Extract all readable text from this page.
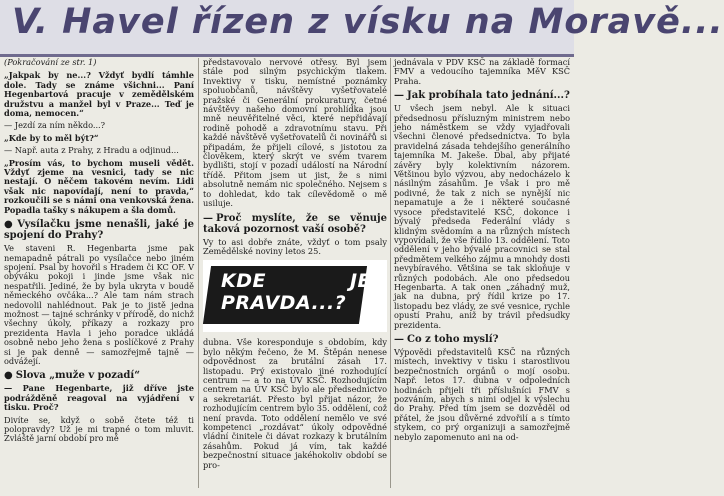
V. Havel řízen z vísku na Moravě...

(Pokračování ze str. 1)

„Jakpak by ne...? Vždyť bydlí támhle dole. Tady se známe všichni... Paní Hegenbartová pracuje v zemědělském družstvu a manžel byl v Praze... Teď je doma, nemocen.“

— Jezdí za ním někdo...?

„Kde by to měl být?“

— Např. auta z Prahy, z Hradu a odjinud...

„Prosím vás, to bychom museli vědět. Vždyť zjeme na vesnici, tady se nic nestají. O něčem takovém nevím. Lidi však nic napovídají, není to pravda,“ rozkoučili se s námi ona venkovská žena. Popadla tašky s nákupem a šla domů.

● Vysílačku jsme nenašli, jaké je spojení do Prahy?

Ve staveni R. Hegenbarta jsme pak nemapadně pátrali po vysílačce nebo jiném spojení. Psal by hovořil s Hradem či KC OF. V obýváku pokoji i jinde jsme však nic nespatřili. Jediné, že by byla ukryta v boudě německého ovčáka...? Ale tam nám strach nedovolil nahlédnout. Pak je to jistě jedna možnost — tajné schránky v přírodě, do nichž všechny úkoly, příkazy a rozkazy pro prezidenta Havla i jeho poradce ukládá osobně nebo jeho žena s poslíčkové z Prahy si je pak denně — samozřejmě tajně — odvážejí.

● Slova „muže v pozadí“

— Pane Hegenbarte, již dříve jste podrážděně reagoval na vyjádření v tisku. Proč?

Divíte se, když o sobě čtete též ti polopravdy? Už je mi trapné o tom mluvit. Zvláště jarní období pro mě

představovalo nervové otřesy. Byl jsem stále pod silným psychickým tlakem. Invektivy v tisku, nemístné poznámky spoluobčanů, návštěvy vyšetřovatelé pražské či Generální prokuratury, četné návštěvy našeho domovní prohlídka jsou mně neuvěřitelné věci, které nepřidávají rodině pohodě a zdravotnímu stavu. Při každé návštěvě vyšetřovatelů či novinářů si připadám, že přijeli cílové, s jistotou za člověkem, který skrýt ve svém tvarem bydlišti, stojí v pozadí událostí na Národní třídě. Přitom jsem ut jist, že s nimi absolutně nemám nic společného. Nejsem s to dohledat, kdo tak cílevědomě o mě usiluje.

— Proč myslíte, že se věnuje taková pozornost vaší osobě?

Vy to asi dobře znáte, vždyť o tom psaly Zemědělské noviny letos 25.

KDE JE PRAVDA...?

dubna. Vše koresponduje s obdobím, kdy bylo někým řečeno, že M. Štěpán nenese odpovědnost za brutální zásah 17. listopadu. Prý existovalo jiné rozhodující centrum — a to na ÚV KSČ. Rozhodujícím centrem na ÚV KSČ bylo ale předsednictvo a sekretariát. Přesto byl přijat názor, že rozhodujícím centrem bylo 35. oddělení, což není pravda. Toto oddělení nemělo ve své kompetenci „rozdávat“ úkoly odpovědné vládní činitele či dávat rozkazy k brutálním zásahům. Pokud já vím, tak každé bezpečnostní situace jakéhokoliv období se pro-

jednávala v PDV KSČ na základě formací FMV a vedoucího tajemníka MěV KSČ Praha.

— Jak probíhala tato jednání...?

U všech jsem nebyl. Ale k situaci předsednosu přísluzným ministrem nebo jeho náměstkem se vždy vyjadřovali všechni členové předsednictva. To byla pravidelná zásada tehdejšího generálního tajemníka M. Jakeše. Dbal, aby přijaté závěry byly kolektivním názorem. Většinou bylo výzvou, aby nedocházelo k násilným zásahům. Je však i pro mě podivné, že tak z nich se nynější nic nepamatuje a že i některé současné vysoce představitelé KSČ, dokonce i bývalý předseda Federální vlády s klidným svědomím a na různých místech vypovídali, že vše řídilo 13. oddělení. Toto oddělení v jeho bývalé pracovnici se stal předmětem velkého zájmu a mnohdy dosti nevybíravého. Většina se tak skloňuje v různých podobách. Ale ono předsedou Hegenbarta. A tak onen „záhadný muž, jak na dubna, prý řídil krize po 17. listopadu bez vlády, ze své vesnice, rychle opustí Prahu, aniž by trávil předsudky prezidenta.

— Co z toho myslí?

Výpovědi představitelů KSČ na různých místech, invektivy v tisku i starostlivou bezpečnostních orgánů o mojí osobu. Např. letos 17. dubna v odpoledních hodinách přijeli tři příslušníci FMV s pozváním, abych s nimi odjel k výslechu do Prahy. Před tím jsem se dozvěděl od přátel, že jsou důvěrné zdvořilí a s tímto stykem, co prý organizuji a samozřejmě nebylo zapomenuto ani na od-
